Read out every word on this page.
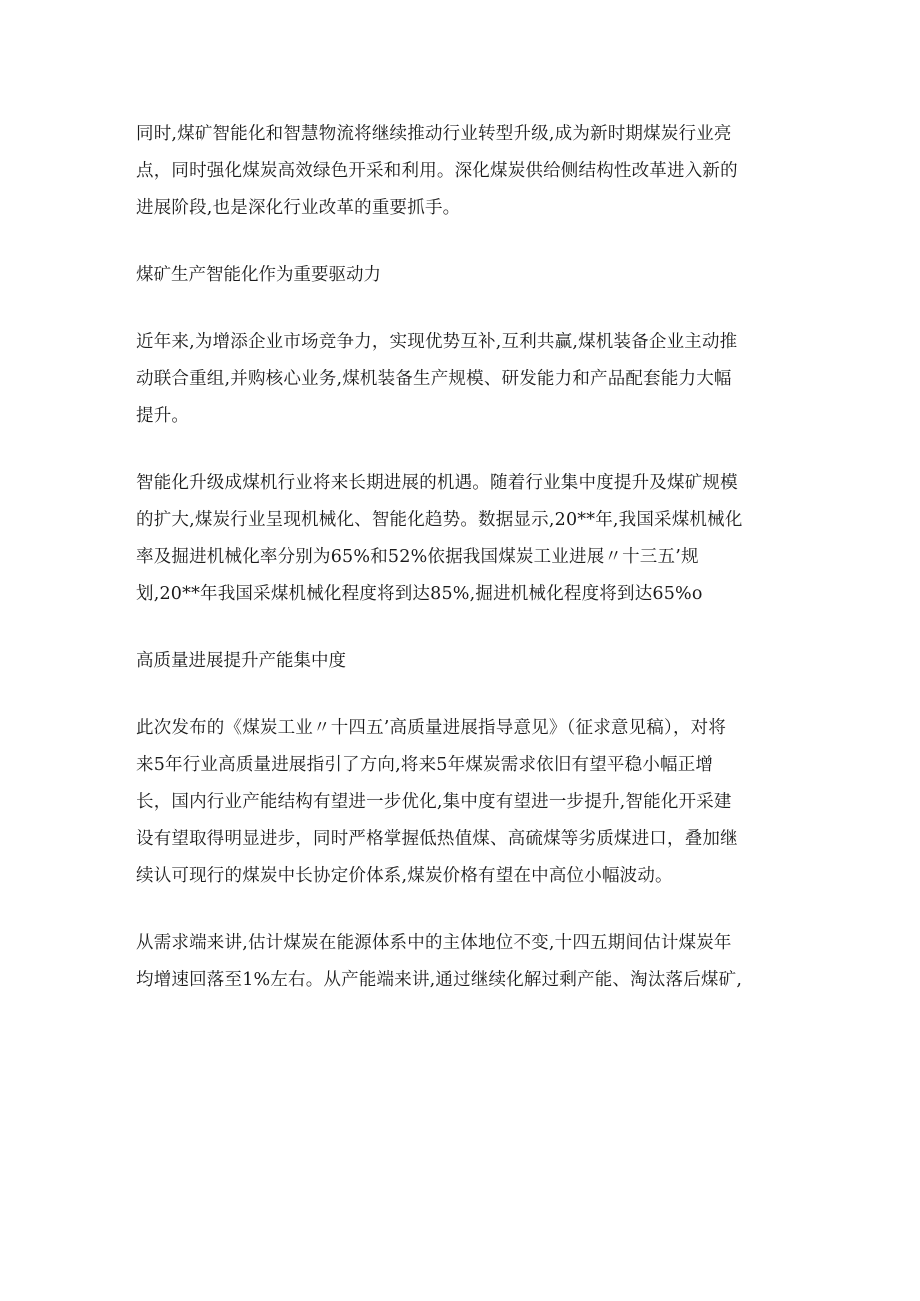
同时,煤矿智能化和智慧物流将继续推动行业转型升级,成为新时期煤炭行业亮
点，同时强化煤炭高效绿色开采和利用。深化煤炭供给侧结构性改革进入新的
进展阶段,也是深化行业改革的重要抓手。

煤矿生产智能化作为重要驱动力

近年来,为增添企业市场竞争力，实现优势互补,互利共赢,煤机装备企业主动推
动联合重组,并购核心业务,煤机装备生产规模、研发能力和产品配套能力大幅
提升。

智能化升级成煤机行业将来长期进展的机遇。随着行业集中度提升及煤矿规模
的扩大,煤炭行业呈现机械化、智能化趋势。数据显示,20**年,我国采煤机械化
率及掘进机械化率分别为65%和52%依据我国煤炭工业进展〃十三五’规
划,20**年我国采煤机械化程度将到达85%,掘进机械化程度将到达65%o

高质量进展提升产能集中度

此次发布的《煤炭工业〃十四五’高质量进展指导意见》（征求意见稿），对将
来5年行业高质量进展指引了方向,将来5年煤炭需求依旧有望平稳小幅正增
长，国内行业产能结构有望进一步优化,集中度有望进一步提升,智能化开采建
设有望取得明显进步，同时严格掌握低热值煤、高硫煤等劣质煤进口，叠加继
续认可现行的煤炭中长协定价体系,煤炭价格有望在中高位小幅波动。

从需求端来讲,估计煤炭在能源体系中的主体地位不变,十四五期间估计煤炭年
均增速回落至1%左右。从产能端来讲,通过继续化解过剩产能、淘汰落后煤矿,
